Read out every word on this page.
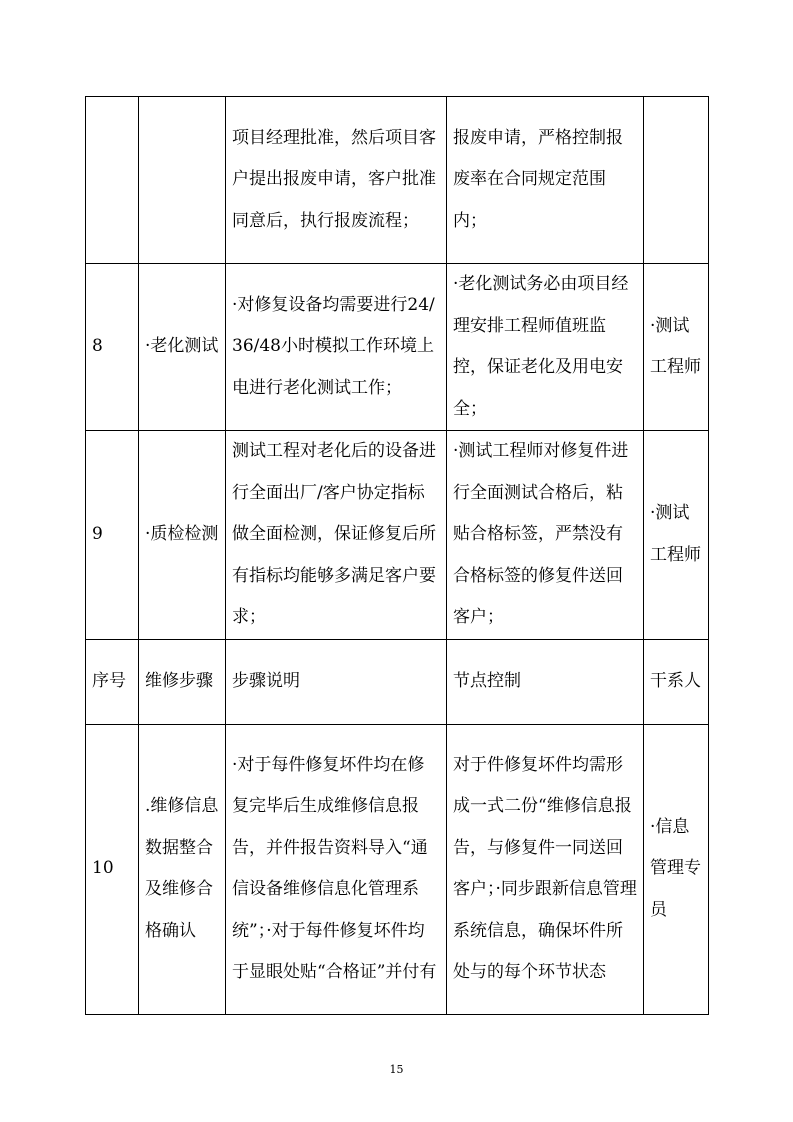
		项目经理批准，然后项目客户提出报废申请，客户批准同意后，执行报废流程；	报废申请，严格控制报废率在合同规定范围内；	
8	·老化测试	·对修复设备均需要进行24/36/48小时模拟工作环境上电进行老化测试工作；	·老化测试务必由项目经理安排工程师值班监控，保证老化及用电安全；	·测试工程师
9	·质检检测	测试工程对老化后的设备进行全面出厂/客户协定指标做全面检测，保证修复后所有指标均能够多满足客户要求；	·测试工程师对修复件进行全面测试合格后，粘贴合格标签，严禁没有合格标签的修复件送回客户；	·测试工程师
序号	维修步骤	步骤说明	节点控制	干系人
10	.维修信息数据整合及维修合格确认	·对于每件修复坏件均在修复完毕后生成维修信息报告，并件报告资料导入“通信设备维修信息化管理系统”；·对于每件修复坏件均于显眼处贴“合格证”并付有	对于件修复坏件均需形成一式二份“维修信息报告，与修复件一同送回客户；·同步跟新信息管理系统信息，确保坏件所处与的每个环节状态	·信息管理专员
15
